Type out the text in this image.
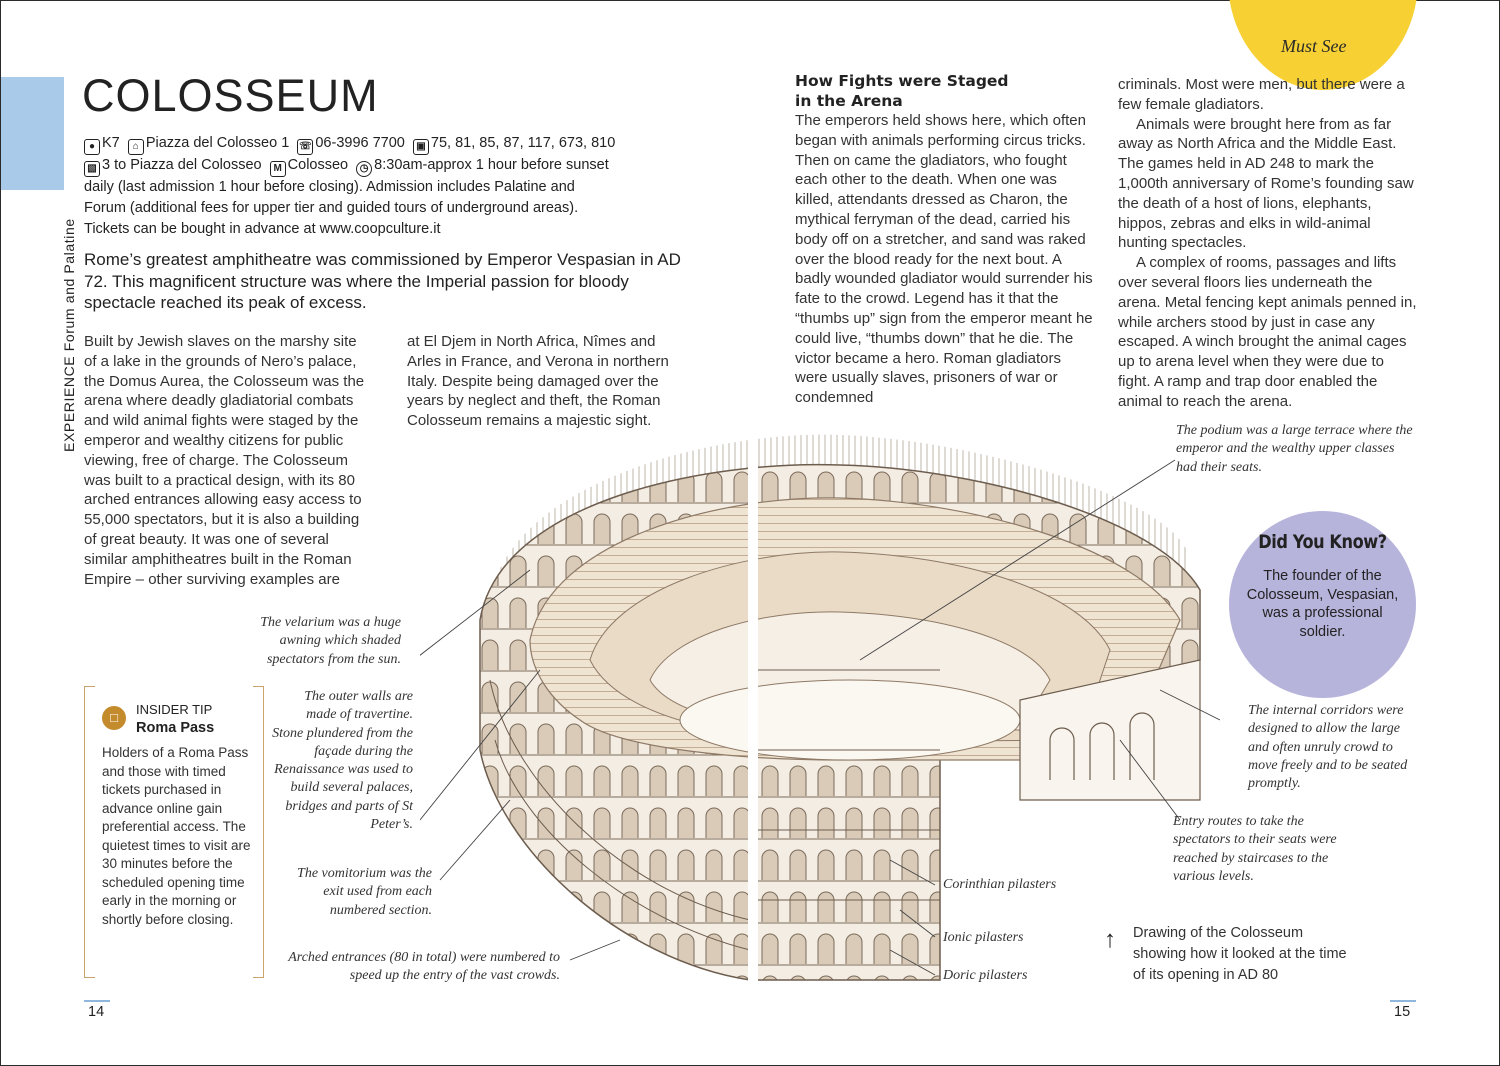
Must See
EXPERIENCE Forum and Palatine
COLOSSEUM
● K7 ⌂ Piazza del Colosseo 1 ☏ 06-3996 7700 ▣ 75, 81, 85, 87, 117, 673, 810
▧ 3 to Piazza del Colosseo M Colosseo ◷ 8:30am-approx 1 hour before sunset
daily (last admission 1 hour before closing). Admission includes Palatine and
Forum (additional fees for upper tier and guided tours of underground areas).
Tickets can be bought in advance at www.coopculture.it
Rome’s greatest amphitheatre was commissioned by Emperor Vespasian in AD 72. This magnificent structure was where the Imperial passion for bloody spectacle reached its peak of excess.

Built by Jewish slaves on the marshy site of a lake in the grounds of Nero’s palace, the Domus Aurea, the Colosseum was the arena where deadly gladiatorial combats and wild animal fights were staged by the emperor and wealthy citizens for public viewing, free of charge. The Colosseum was built to a practical design, with its 80 arched entrances allowing easy access to 55,000 spectators, but it is also a building of great beauty. It was one of several similar amphitheatres built in the Roman Empire – other surviving examples are

at El Djem in North Africa, Nîmes and Arles in France, and Verona in northern Italy. Despite being damaged over the years by neglect and theft, the Roman Colosseum remains a majestic sight.

How Fights were Staged in the Arena

The emperors held shows here, which often began with animals performing circus tricks. Then on came the gladiators, who fought each other to the death. When one was killed, attendants dressed as Charon, the mythical ferryman of the dead, carried his body off on a stretcher, and sand was raked over the blood ready for the next bout. A badly wounded gladiator would surrender his fate to the crowd. Legend has it that the “thumbs up” sign from the emperor meant he could live, “thumbs down” that he die. The victor became a hero. Roman gladiators were usually slaves, prisoners of war or condemned

criminals. Most were men, but there were a few female gladiators.

Animals were brought here from as far away as North Africa and the Middle East. The games held in AD 248 to mark the 1,000th anniversary of Rome’s founding saw the death of a host of lions, elephants, hippos, zebras and elks in wild-animal hunting spectacles.

A complex of rooms, passages and lifts over several floors lies underneath the arena. Metal fencing kept animals penned in, while archers stood by just in case any escaped. A winch brought the animal cages up to arena level when they were due to fight. A ramp and trap door enabled the animal to reach the arena.

The velarium was a huge awning which shaded spectators from the sun.

The outer walls are made of travertine. Stone plundered from the façade during the Renaissance was used to build several palaces, bridges and parts of St Peter’s.

The vomitorium was the exit used from each numbered section.

Arched entrances (80 in total) were numbered to speed up the entry of the vast crowds.

The podium was a large terrace where the emperor and the wealthy upper classes had their seats.

The internal corridors were designed to allow the large and often unruly crowd to move freely and to be seated promptly.

Entry routes to take the spectators to their seats were reached by staircases to the various levels.

Corinthian pilasters

Ionic pilasters

Doric pilasters

Did You Know?

The founder of the Colosseum, Vespasian, was a professional soldier.

□
INSIDER TIP
Roma Pass

Holders of a Roma Pass and those with timed tickets purchased in advance online gain preferential access. The quietest times to visit are 30 minutes before the scheduled opening time early in the morning or shortly before closing.

↑ Drawing of the Colosseum showing how it looked at the time of its opening in AD 80

14	15
